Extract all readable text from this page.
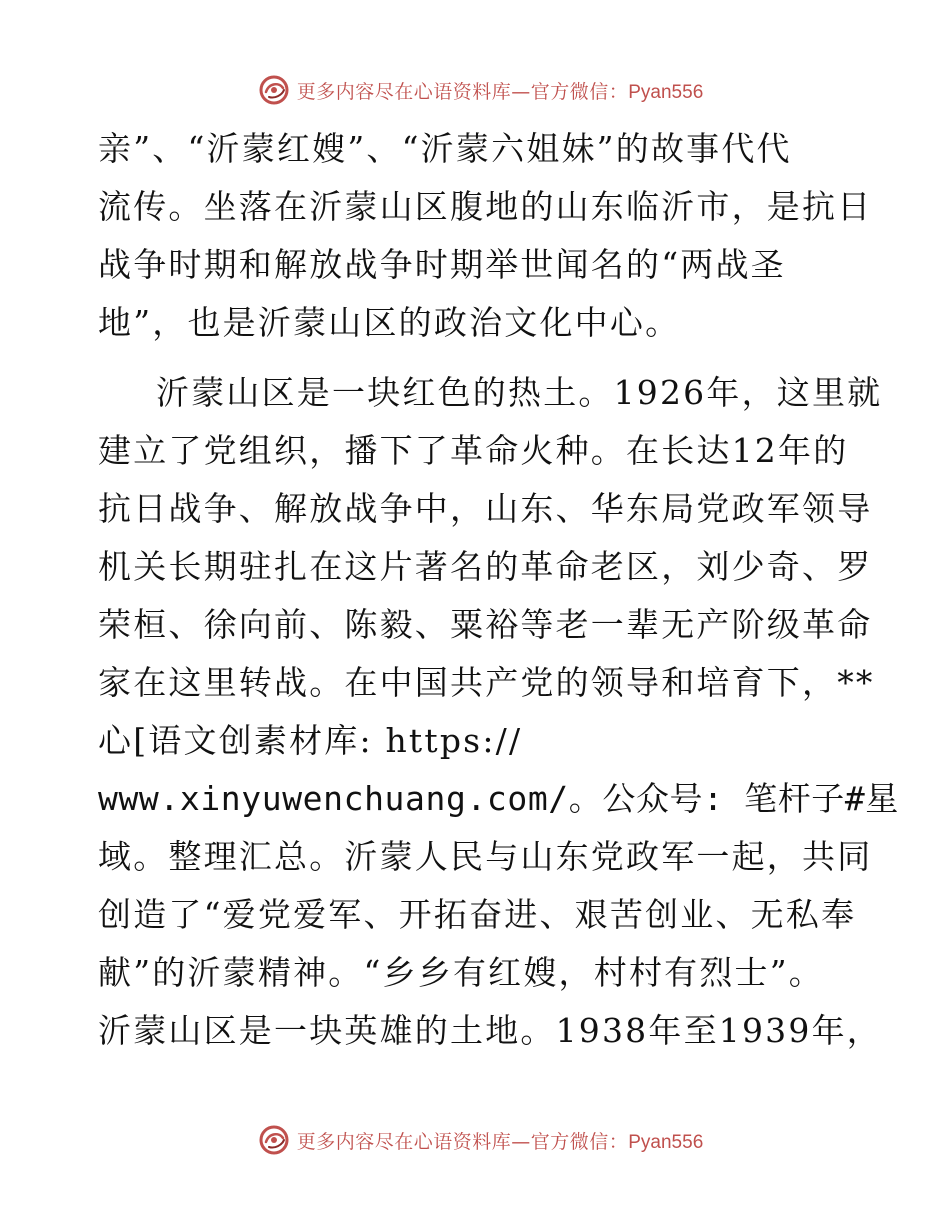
更多内容尽在心语资料库—官方微信：Pyan556
亲”、“沂蒙红嫂”、“沂蒙六姐妹”的故事代代
流传。坐落在沂蒙山区腹地的山东临沂市，是抗日
战争时期和解放战争时期举世闻名的“两战圣
地”，也是沂蒙山区的政治文化中心。
沂蒙山区是一块红色的热土。1926年，这里就
建立了党组织，播下了革命火种。在长达12年的
抗日战争、解放战争中，山东、华东局党政军领导
机关长期驻扎在这片著名的革命老区，刘少奇、罗
荣桓、徐向前、陈毅、粟裕等老一辈无产阶级革命
家在这里转战。在中国共产党的领导和培育下，**
心[语文创素材库: https://
www.xinyuwenchuang.com/。公众号: 笔杆子#星
域。整理汇总。沂蒙人民与山东党政军一起，共同
创造了“爱党爱军、开拓奋进、艰苦创业、无私奉
献”的沂蒙精神。“乡乡有红嫂，村村有烈士”。
沂蒙山区是一块英雄的土地。1938年至1939年，
更多内容尽在心语资料库—官方微信：Pyan556
